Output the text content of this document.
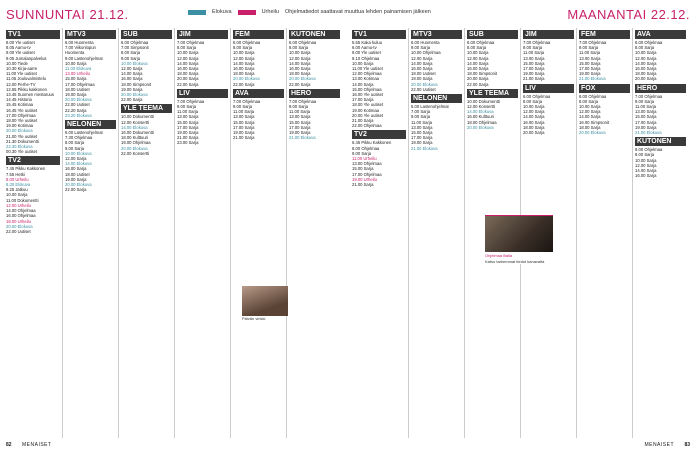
SUNNUNTAI 21.12.	Elokuva	Urheilu Ohjelmatiedot saattavat muuttua lehden painamisen jälkeen	MAANANTAI 22.12.
TV1
8.00 Yle uutiset
8.05 Aamu-tv
9.00 Yle uutiset
9.05 Jumalanpalvelus
10.00 Tiede
10.30 Kirja-aarre
11.00 Yle uutiset
11.05 Jouluvalmistelu
12.00 Perhe-TV
12.55 Pikku kakkonen
13.45 Suomen mestaruus
14.45 Historia
15.45 Kotimaa
16.45 Yle uutiset
17.00 Ohjelmaa
18.00 Yle uutiset
19.00 Kotimaa
20.00 Elokuva
21.00 Yle uutiset
21.30 Dokumentti
22.30 Elokuva
00.30 Yle uutiset
TV2
7.45 Pikku Kakkonen
7.55 Hetki
8.00 Urheilu
8.30 Elokuva
9.25 Jatkuu
10.00 Sarja
11.00 Dokumentti
12.00 Urheilu
14.00 Ohjelmaa
16.00 Ohjelmaa
18.00 Urheilu
20.00 Elokuva
22.00 Uutiset
MTV3
6.00 Huomenta
7.00 Viikonlopun Huomenta
9.00 Lastenohjelmat
10.00 Sarja
11.00 Elokuva
13.00 Urheilu
15.00 Sarja
17.00 Ohjelmaa
18.00 Uutiset
19.00 Sarja
20.00 Elokuva
22.00 Uutiset
22.20 Sarja
23.20 Elokuva
NELONEN
6.00 Lastenohjelmat
7.30 Ohjelmaa
8.00 Sarja
9.00 Sarja
10.00 Elokuva
12.00 Sarja
14.00 Elokuva
16.00 Sarja
18.00 Uutiset
19.00 Sarja
20.00 Elokuva
22.00 Sarja
SUB
6.00 Ohjelmaa
7.00 Simpsonit
8.00 Sarja
9.00 Sarja
10.00 Elokuva
12.00 Sarja
14.00 Sarja
16.00 Sarja
18.00 Simpsonit
19.00 Sarja
20.00 Elokuva
22.00 Sarja
YLE TEEMA
10.00 Dokumentti
12.00 Konsertti
14.00 Elokuva
16.00 Dokumentti
18.00 Kulttuuri
19.00 Ohjelmaa
20.00 Elokuva
22.00 Konsertti
JIM
7.00 Ohjelmaa
8.00 Sarja
10.00 Sarja
12.00 Sarja
14.00 Sarja
16.00 Sarja
18.00 Sarja
20.00 Sarja
22.00 Sarja
LIV
7.00 Ohjelmaa
9.00 Sarja
11.00 Sarja
13.00 Sarja
15.00 Sarja
17.00 Sarja
19.00 Sarja
21.00 Sarja
23.00 Sarja
FEM
6.00 Ohjelmaa
8.00 Sarja
10.00 Sarja
12.00 Sarja
14.00 Sarja
16.00 Sarja
18.00 Sarja
20.00 Elokuva
22.00 Sarja
AVA
7.00 Ohjelmaa
9.00 Sarja
11.00 Sarja
13.00 Sarja
15.00 Sarja
17.00 Sarja
19.00 Sarja
21.00 Sarja
KUTONEN
6.00 Ohjelmaa
8.00 Sarja
10.00 Sarja
12.00 Sarja
14.00 Sarja
16.00 Sarja
18.00 Sarja
20.00 Elokuva
22.00 Sarja
HERO
7.00 Ohjelmaa
9.00 Sarja
11.00 Sarja
13.00 Sarja
15.00 Sarja
17.00 Sarja
19.00 Sarja
21.00 Elokuva
TV1
5.55 Kaka kuluu
6.00 Aamu-tv
9.00 Yle uutiset
9.10 Ohjelmaa
10.00 Sarja
11.00 Yle uutiset
12.00 Ohjelmaa
13.00 Kotimaa
14.00 Sarja
15.00 Ohjelmaa
16.00 Yle uutiset
17.00 Sarja
18.00 Yle uutiset
19.00 Kotimaa
20.00 Yle uutiset
21.00 Sarja
22.00 Ohjelmaa
TV2
6.45 Pikku Kakkonen
8.00 Ohjelmaa
9.00 Sarja
11.00 Urheilu
13.00 Ohjelmaa
15.00 Sarja
17.00 Ohjelmaa
19.00 Urheilu
21.00 Sarja
MTV3
6.00 Huomenta
9.00 Sarja
10.00 Ohjelmaa
12.00 Sarja
14.00 Sarja
16.00 Sarja
18.00 Uutiset
19.00 Sarja
20.00 Elokuva
22.00 Uutiset
NELONEN
5.00 Lastenohjelmat
7.00 Sarja
9.00 Sarja
11.00 Sarja
13.00 Sarja
15.00 Sarja
17.00 Sarja
19.00 Sarja
21.00 Elokuva
SUB
6.00 Ohjelmaa
8.00 Sarja
10.00 Sarja
12.00 Sarja
14.00 Sarja
16.00 Sarja
18.00 Simpsonit
20.00 Sarja
22.00 Sarja
YLE TEEMA
10.00 Dokumentti
12.00 Konsertti
14.00 Elokuva
16.00 Kulttuuri
18.00 Ohjelmaa
20.00 Elokuva
JIM
7.00 Ohjelmaa
9.00 Sarja
11.00 Sarja
13.00 Sarja
15.00 Sarja
17.00 Sarja
19.00 Sarja
21.00 Sarja
LIV
6.00 Ohjelmaa
8.00 Sarja
10.00 Sarja
12.00 Sarja
14.00 Sarja
16.00 Sarja
18.00 Sarja
20.00 Sarja
FEM
7.00 Ohjelmaa
9.00 Sarja
11.00 Sarja
13.00 Sarja
15.00 Sarja
17.00 Sarja
19.00 Sarja
21.00 Elokuva
FOX
6.00 Ohjelmaa
8.00 Sarja
10.00 Sarja
12.00 Sarja
14.00 Sarja
16.00 Simpsonit
18.00 Sarja
20.00 Elokuva
AVA
6.00 Ohjelmaa
8.00 Sarja
10.00 Sarja
12.00 Sarja
14.00 Sarja
16.00 Sarja
18.00 Sarja
20.00 Sarja
HERO
7.00 Ohjelmaa
9.00 Sarja
11.00 Sarja
13.00 Sarja
15.00 Sarja
17.00 Sarja
19.00 Sarja
21.00 Elokuva
KUTONEN
6.00 Ohjelmaa
8.00 Sarja
10.00 Sarja
12.00 Sarja
14.00 Sarja
16.00 Sarja
Päivän vinkki
Ohjelmaa illalla
Katso tarkemmat tiedot kanavalta
82 MENAISET	MENAISET 83
